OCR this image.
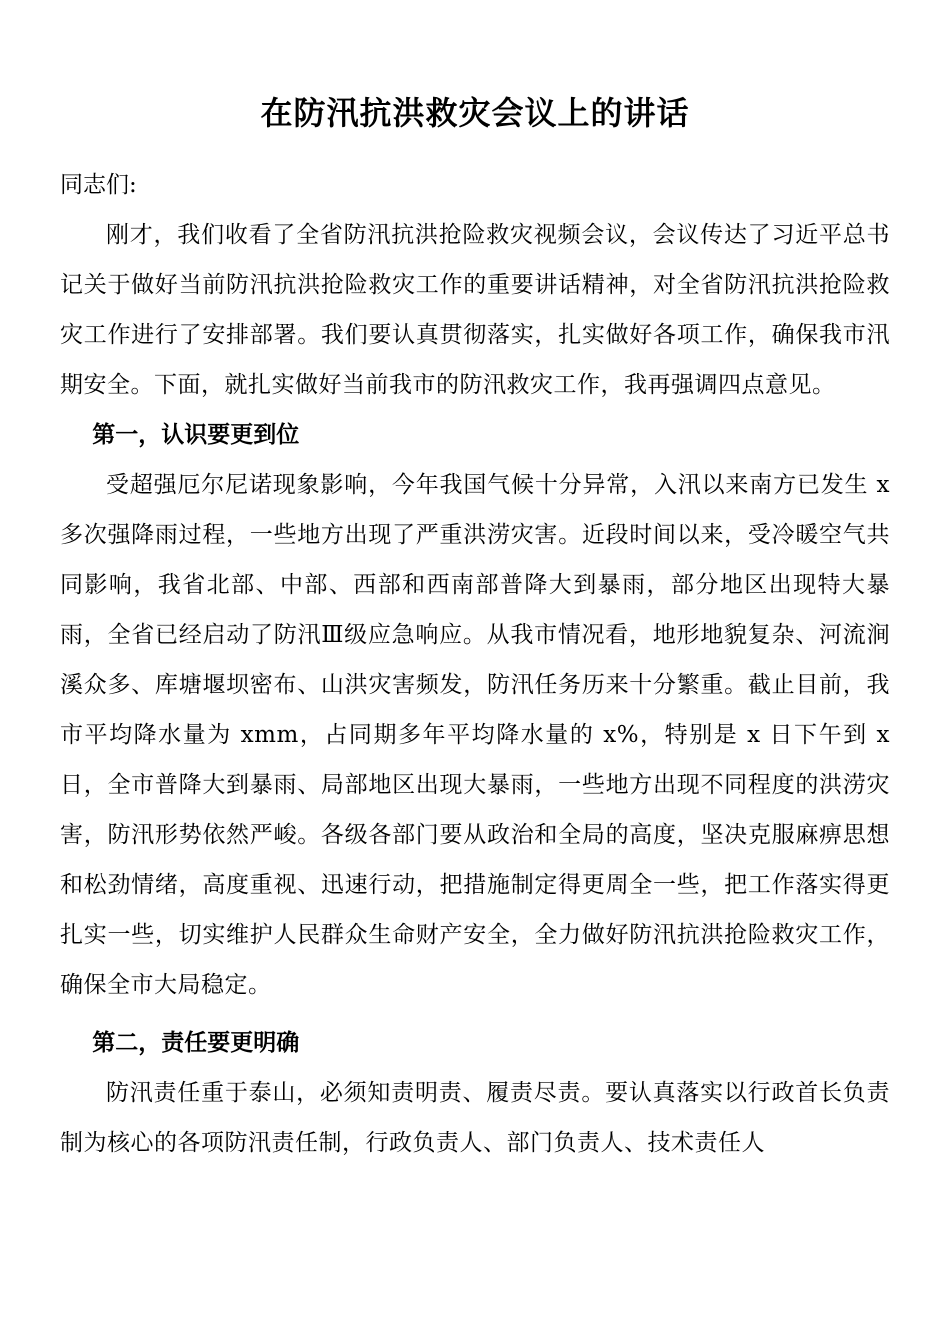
在防汛抗洪救灾会议上的讲话

同志们:

刚才，我们收看了全省防汛抗洪抢险救灾视频会议，会议传达了习近平总书记关于做好当前防汛抗洪抢险救灾工作的重要讲话精神，对全省防汛抗洪抢险救灾工作进行了安排部署。我们要认真贯彻落实，扎实做好各项工作，确保我市汛期安全。下面，就扎实做好当前我市的防汛救灾工作，我再强调四点意见。

第一，认识要更到位

受超强厄尔尼诺现象影响，今年我国气候十分异常，入汛以来南方已发生 x 多次强降雨过程，一些地方出现了严重洪涝灾害。近段时间以来，受冷暖空气共同影响，我省北部、中部、西部和西南部普降大到暴雨，部分地区出现特大暴雨，全省已经启动了防汛Ⅲ级应急响应。从我市情况看，地形地貌复杂、河流涧溪众多、库塘堰坝密布、山洪灾害频发，防汛任务历来十分繁重。截止目前，我市平均降水量为 xmm，占同期多年平均降水量的 x%，特别是 x 日下午到 x 日，全市普降大到暴雨、局部地区出现大暴雨，一些地方出现不同程度的洪涝灾害，防汛形势依然严峻。各级各部门要从政治和全局的高度，坚决克服麻痹思想和松劲情绪，高度重视、迅速行动，把措施制定得更周全一些，把工作落实得更扎实一些，切实维护人民群众生命财产安全，全力做好防汛抗洪抢险救灾工作，确保全市大局稳定。

第二，责任要更明确

防汛责任重于泰山，必须知责明责、履责尽责。要认真落实以行政首长负责制为核心的各项防汛责任制，行政负责人、部门负责人、技术责任人
